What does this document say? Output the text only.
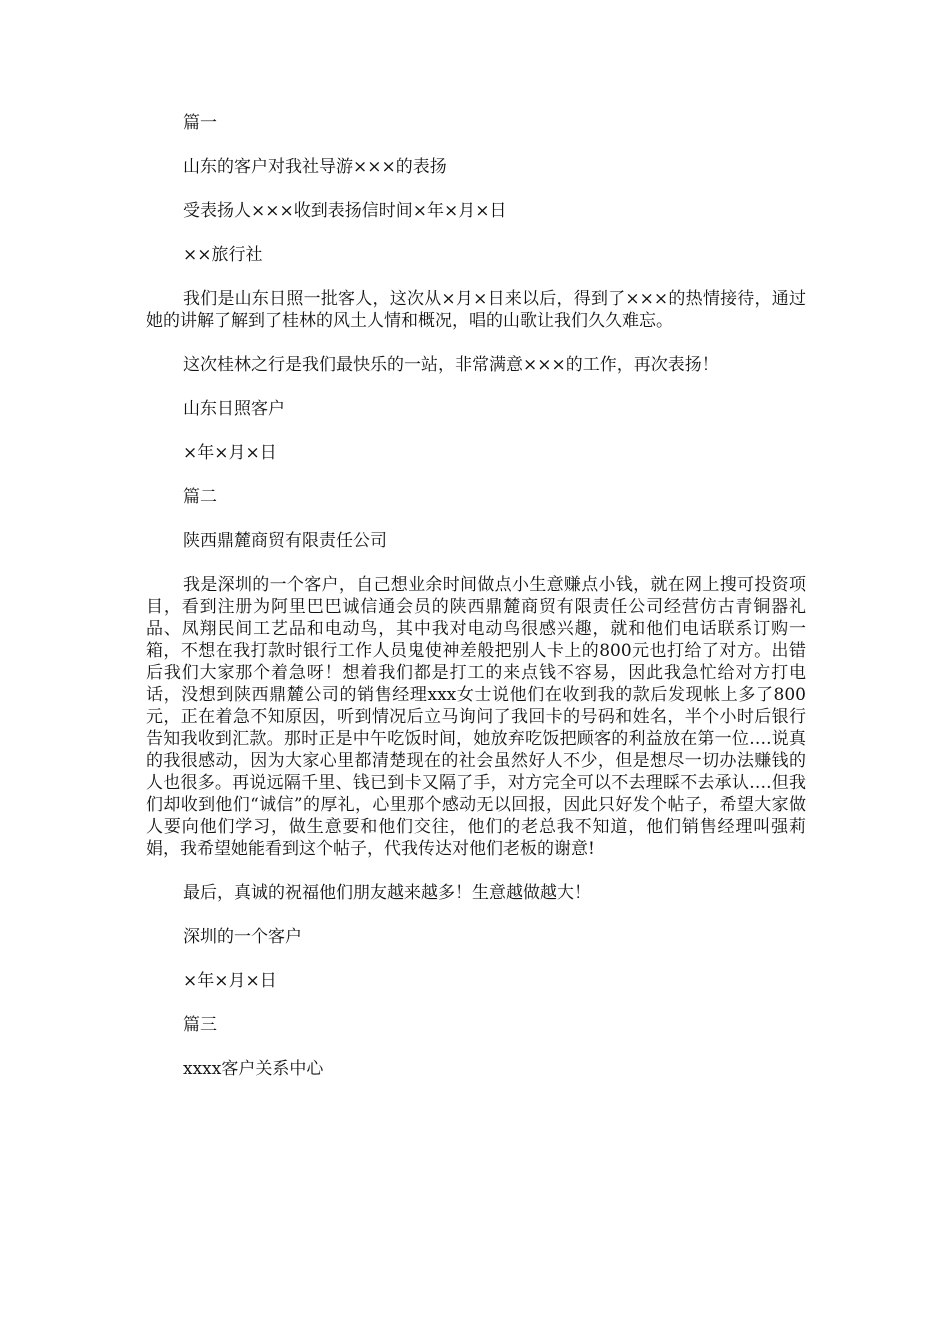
篇一

山东的客户对我社导游×××的表扬

受表扬人×××收到表扬信时间×年×月×日

××旅行社

我们是山东日照一批客人，这次从×月×日来以后，得到了×××的热情接待，通过她的讲解了解到了桂林的风土人情和概况，唱的山歌让我们久久难忘。

这次桂林之行是我们最快乐的一站，非常满意×××的工作，再次表扬！

山东日照客户

×年×月×日

篇二

陕西鼎麓商贸有限责任公司

我是深圳的一个客户，自己想业余时间做点小生意赚点小钱，就在网上搜可投资项目，看到注册为阿里巴巴诚信通会员的陕西鼎麓商贸有限责任公司经营仿古青铜器礼品、凤翔民间工艺品和电动鸟，其中我对电动鸟很感兴趣，就和他们电话联系订购一箱，不想在我打款时银行工作人员鬼使神差般把别人卡上的800元也打给了对方。出错后我们大家那个着急呀！想着我们都是打工的来点钱不容易，因此我急忙给对方打电话，没想到陕西鼎麓公司的销售经理xxx女士说他们在收到我的款后发现帐上多了800元，正在着急不知原因，听到情况后立马询问了我回卡的号码和姓名，半个小时后银行告知我收到汇款。那时正是中午吃饭时间，她放弃吃饭把顾客的利益放在第一位….说真的我很感动，因为大家心里都清楚现在的社会虽然好人不少，但是想尽一切办法赚钱的人也很多。再说远隔千里、钱已到卡又隔了手，对方完全可以不去理睬不去承认….但我们却收到他们“诚信”的厚礼，心里那个感动无以回报，因此只好发个帖子，希望大家做人要向他们学习，做生意要和他们交往，他们的老总我不知道，他们销售经理叫强莉娟，我希望她能看到这个帖子，代我传达对他们老板的谢意!

最后，真诚的祝福他们朋友越来越多！生意越做越大！

深圳的一个客户

×年×月×日

篇三

xxxx客户关系中心
